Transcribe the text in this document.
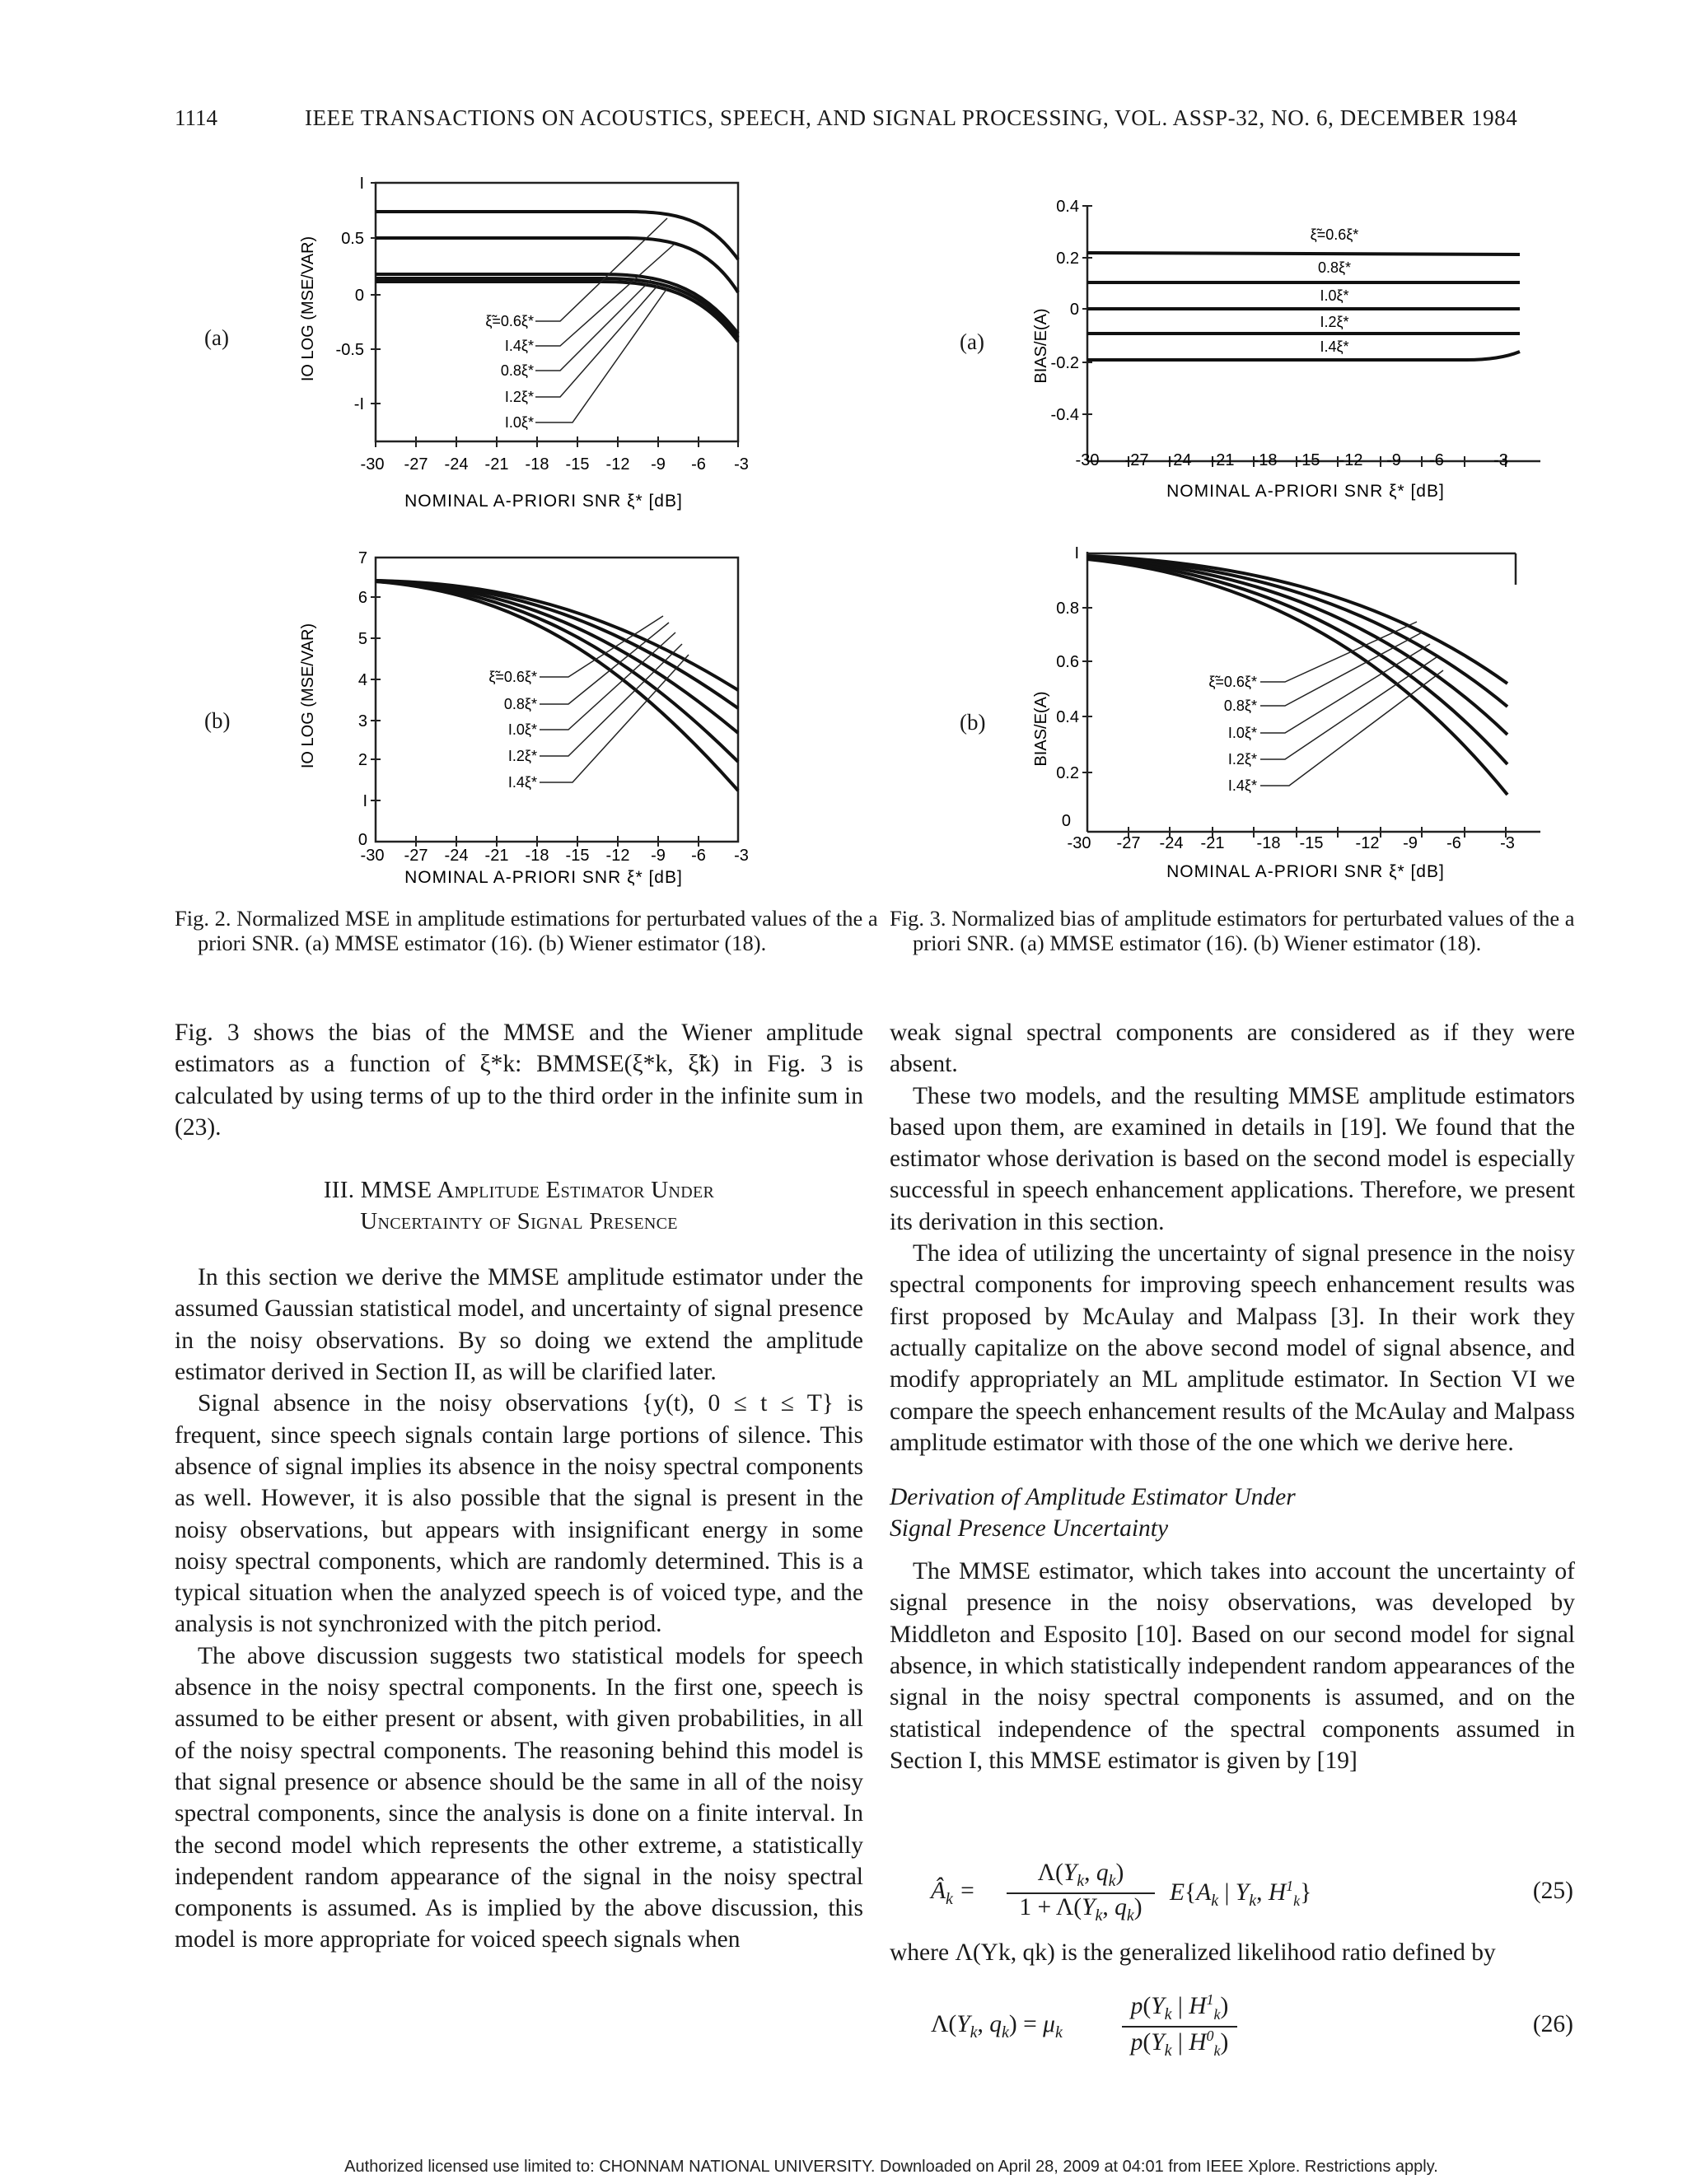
1114	IEEE TRANSACTIONS ON ACOUSTICS, SPEECH, AND SIGNAL PROCESSING, VOL. ASSP-32, NO. 6, DECEMBER 1984
(a)	IO LOG (MSE/VAR)
I
0.5
0
-0.5
-I
-30 -27 -24 -21 -18 -15 -12 -9 -6 -3
NOMINAL A-PRIORI SNR ξ* [dB]
ξ̃=0.6ξ*
I.4ξ*
0.8ξ*
I.2ξ*
I.0ξ*
(b)	IO LOG (MSE/VAR)
7
6
5
4
3
2
I
0
-30 -27 -24 -21 -18 -15 -12 -9 -6 -3
NOMINAL A-PRIORI SNR ξ* [dB]
ξ̃=0.6ξ*
0.8ξ*
I.0ξ*
I.2ξ*
I.4ξ*
(a)	BIAS/E(A)
0.4
0.2
0
-0.2
-0.4
-30 -27 -24 -21 -18 -15 -12 -9 -6	-3
NOMINAL A-PRIORI SNR ξ* [dB]
ξ̃=0.6ξ*
0.8ξ*
I.0ξ*
I.2ξ*
I.4ξ*
(b)	BIAS/E(A)
I
0.8
0.6
0.4
0.2
0
-30 -27 -24 -21 -18 -15 -12 -9 -6 -3
NOMINAL A-PRIORI SNR ξ* [dB]
ξ̃=0.6ξ*
0.8ξ*
I.0ξ*
I.2ξ*
I.4ξ*
Fig. 2. Normalized MSE in amplitude estimations for perturbated values of the a priori SNR. (a) MMSE estimator (16). (b) Wiener estimator (18).
Fig. 3. Normalized bias of amplitude estimators for perturbated values of the a priori SNR. (a) MMSE estimator (16). (b) Wiener estimator (18).

Fig. 3 shows the bias of the MMSE and the Wiener amplitude estimators as a function of ξ*k: BMMSE(ξ*k, ξ̃k) in Fig. 3 is calculated by using terms of up to the third order in the infinite sum in (23).

III. MMSE Amplitude Estimator Under
Uncertainty of Signal Presence

In this section we derive the MMSE amplitude estimator under the assumed Gaussian statistical model, and uncertainty of signal presence in the noisy observations. By so doing we extend the amplitude estimator derived in Section II, as will be clarified later.

Signal absence in the noisy observations {y(t), 0 ≤ t ≤ T} is frequent, since speech signals contain large portions of silence. This absence of signal implies its absence in the noisy spectral components as well. However, it is also possible that the signal is present in the noisy observations, but appears with insignificant energy in some noisy spectral components, which are randomly determined. This is a typical situation when the analyzed speech is of voiced type, and the analysis is not synchronized with the pitch period.

The above discussion suggests two statistical models for speech absence in the noisy spectral components. In the first one, speech is assumed to be either present or absent, with given probabilities, in all of the noisy spectral components. The reasoning behind this model is that signal presence or absence should be the same in all of the noisy spectral components, since the analysis is done on a finite interval. In the second model which represents the other extreme, a statistically independent random appearance of the signal in the noisy spectral components is assumed. As is implied by the above discussion, this model is more appropriate for voiced speech signals when

weak signal spectral components are considered as if they were absent.

These two models, and the resulting MMSE amplitude estimators based upon them, are examined in details in [19]. We found that the estimator whose derivation is based on the second model is especially successful in speech enhancement applications. Therefore, we present its derivation in this section.

The idea of utilizing the uncertainty of signal presence in the noisy spectral components for improving speech enhancement results was first proposed by McAulay and Malpass [3]. In their work they actually capitalize on the above second model of signal absence, and modify appropriately an ML amplitude estimator. In Section VI we compare the speech enhancement results of the McAulay and Malpass amplitude estimator with those of the one which we derive here.

Derivation of Amplitude Estimator Under
Signal Presence Uncertainty

The MMSE estimator, which takes into account the uncertainty of signal presence in the noisy observations, was developed by Middleton and Esposito [10]. Based on our second model for signal absence, in which statistically independent random appearances of the signal in the noisy spectral components is assumed, and on the statistical independence of the spectral components assumed in Section I, this MMSE estimator is given by [19]

$Â_k$ =
$\Lambda(Y_k$, $q_k$)
$1 + \Lambda(Y_k$, $q_k$)
$E\{A_k$ | $Y_k$, $H^1_k$}	(25)

where Λ(Yk, qk) is the generalized likelihood ratio defined by

$\Lambda(Y_k$, $q_k) = \mu_k$
$p(Y_k$ | $H^1_k$)
$p(Y_k$ | $H^0_k$)
(26)
Authorized licensed use limited to: CHONNAM NATIONAL UNIVERSITY. Downloaded on April 28, 2009 at 04:01 from IEEE Xplore. Restrictions apply.
